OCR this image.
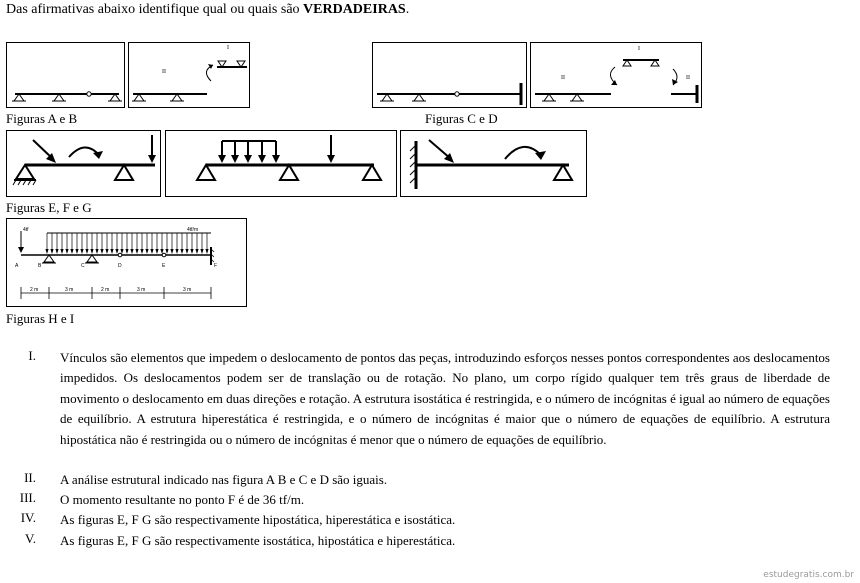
Das afirmativas abaixo identifique qual ou quais são VERDADEIRAS.
II
I
Figuras A e B
II	II
I
Figuras C e D
Figuras E, F e G
4tf	4tf/m
A	B	C	D	E	F
2 m	3 m	2 m	3 m	3 m
Figuras H e I
I. Vínculos são elementos que impedem o deslocamento de pontos das peças, introduzindo esforços nesses pontos correspondentes aos deslocamentos impedidos. Os deslocamentos podem ser de translação ou de rotação. No plano, um corpo rígido qualquer tem três graus de liberdade de movimento o deslocamento em duas direções e rotação. A estrutura isostática é restringida, e o número de incógnitas é igual ao número de equações de equilíbrio. A estrutura hiperestática é restringida, e o número de incógnitas é maior que o número de equações de equilíbrio. A estrutura hipostática não é restringida ou o número de incógnitas é menor que o número de equações de equilíbrio.
II. A análise estrutural indicado nas figura A B e C e D são iguais.
III. O momento resultante no ponto F é de 36 tf/m.
IV. As figuras E, F G são respectivamente hipostática, hiperestática e isostática.
V. As figuras E, F G são respectivamente isostática, hipostática e hiperestática.
estudegratis.com.br
